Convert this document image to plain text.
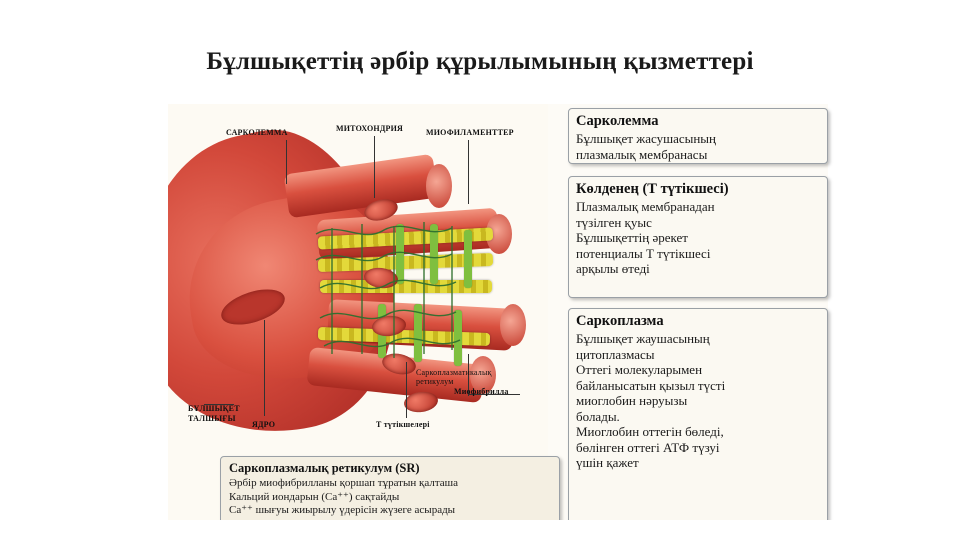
Бұлшықеттің әрбір құрылымының қызметтері
САРКОЛЕММА	МИТОХОНДРИЯ	МИОФИЛАМЕНТТЕР
Миофибрилла
Саркоплазматикалық ретикулум
Т түтікшелері
БҰЛШЫҚЕТ ТАЛШЫҒЫ
ЯДРО
Сарколемма

Бұлшықет жасушасының

плазмалық мембранасы

Көлденең (Т түтікшесі)

Плазмалық мембранадан

түзілген қуыс

Бұлшықеттің әрекет

потенциалы Т түтікшесі

арқылы өтеді

Саркоплазма

Бұлшықет жаушасының

цитоплазмасы

Оттегі молекуларымен

байланысатын қызыл түсті

миоглобин нәруызы

болады.

Миоглобин оттегін бөледі,

бөлінген оттегі АТФ түзуі

үшін қажет

Саркоплазмалық ретикулум (SR)

Әрбір миофибрилланы қоршап тұратын қалташа

Кальций иондарын (Са⁺⁺) сақтайды

Са⁺⁺ шығуы жиырылу үдерісін жүзеге асырады
